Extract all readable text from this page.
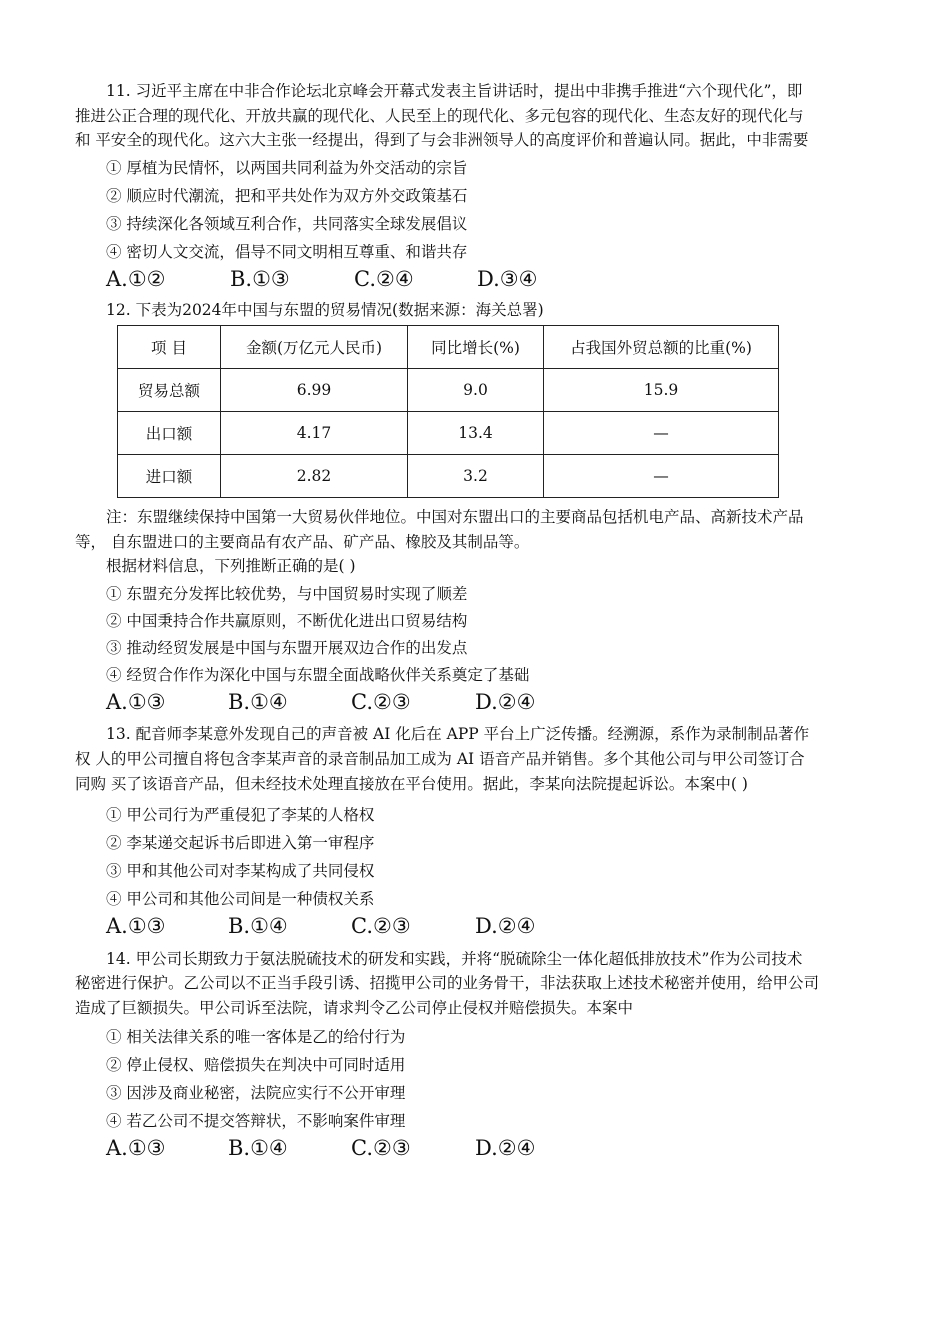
11. 习近平主席在中非合作论坛北京峰会开幕式发表主旨讲话时，提出中非携手推进“六个现代化”，即
推进公正合理的现代化、开放共赢的现代化、人民至上的现代化、多元包容的现代化、生态友好的现代化与
和 平安全的现代化。这六大主张一经提出，得到了与会非洲领导人的高度评价和普遍认同。据此，中非需要
① 厚植为民情怀，以两国共同利益为外交活动的宗旨
② 顺应时代潮流，把和平共处作为双方外交政策基石
③ 持续深化各领域互利合作，共同落实全球发展倡议
④ 密切人文交流，倡导不同文明相互尊重、和谐共存
A.①②	B.①③	C.②④	D.③④
12. 下表为2024年中国与东盟的贸易情况(数据来源：海关总署)
项 目	金额(万亿元人民币)	同比增长(%)	占我国外贸总额的比重(%)
贸易总额	6.99	9.0	15.9
出口额	4.17	13.4	—
进口额	2.82	3.2	—
注：东盟继续保持中国第一大贸易伙伴地位。中国对东盟出口的主要商品包括机电产品、高新技术产品
等， 自东盟进口的主要商品有农产品、矿产品、橡胶及其制品等。
根据材料信息，下列推断正确的是( )
① 东盟充分发挥比较优势，与中国贸易时实现了顺差
② 中国秉持合作共赢原则，不断优化进出口贸易结构
③ 推动经贸发展是中国与东盟开展双边合作的出发点
④ 经贸合作作为深化中国与东盟全面战略伙伴关系奠定了基础
A.①③	B.①④	C.②③	D.②④
13. 配音师李某意外发现自己的声音被 AI 化后在 APP 平台上广泛传播。经溯源，系作为录制制品著作
权 人的甲公司擅自将包含李某声音的录音制品加工成为 AI 语音产品并销售。多个其他公司与甲公司签订合
同购 买了该语音产品，但未经技术处理直接放在平台使用。据此，李某向法院提起诉讼。本案中( )
① 甲公司行为严重侵犯了李某的人格权
② 李某递交起诉书后即进入第一审程序
③ 甲和其他公司对李某构成了共同侵权
④ 甲公司和其他公司间是一种债权关系
A.①③	B.①④	C.②③	D.②④
14. 甲公司长期致力于氨法脱硫技术的研发和实践，并将“脱硫除尘一体化超低排放技术”作为公司技术
秘密进行保护。乙公司以不正当手段引诱、招揽甲公司的业务骨干，非法获取上述技术秘密并使用，给甲公司
造成了巨额损失。甲公司诉至法院，请求判令乙公司停止侵权并赔偿损失。本案中
① 相关法律关系的唯一客体是乙的给付行为
② 停止侵权、赔偿损失在判决中可同时适用
③ 因涉及商业秘密，法院应实行不公开审理
④ 若乙公司不提交答辩状，不影响案件审理
A.①③	B.①④	C.②③	D.②④
